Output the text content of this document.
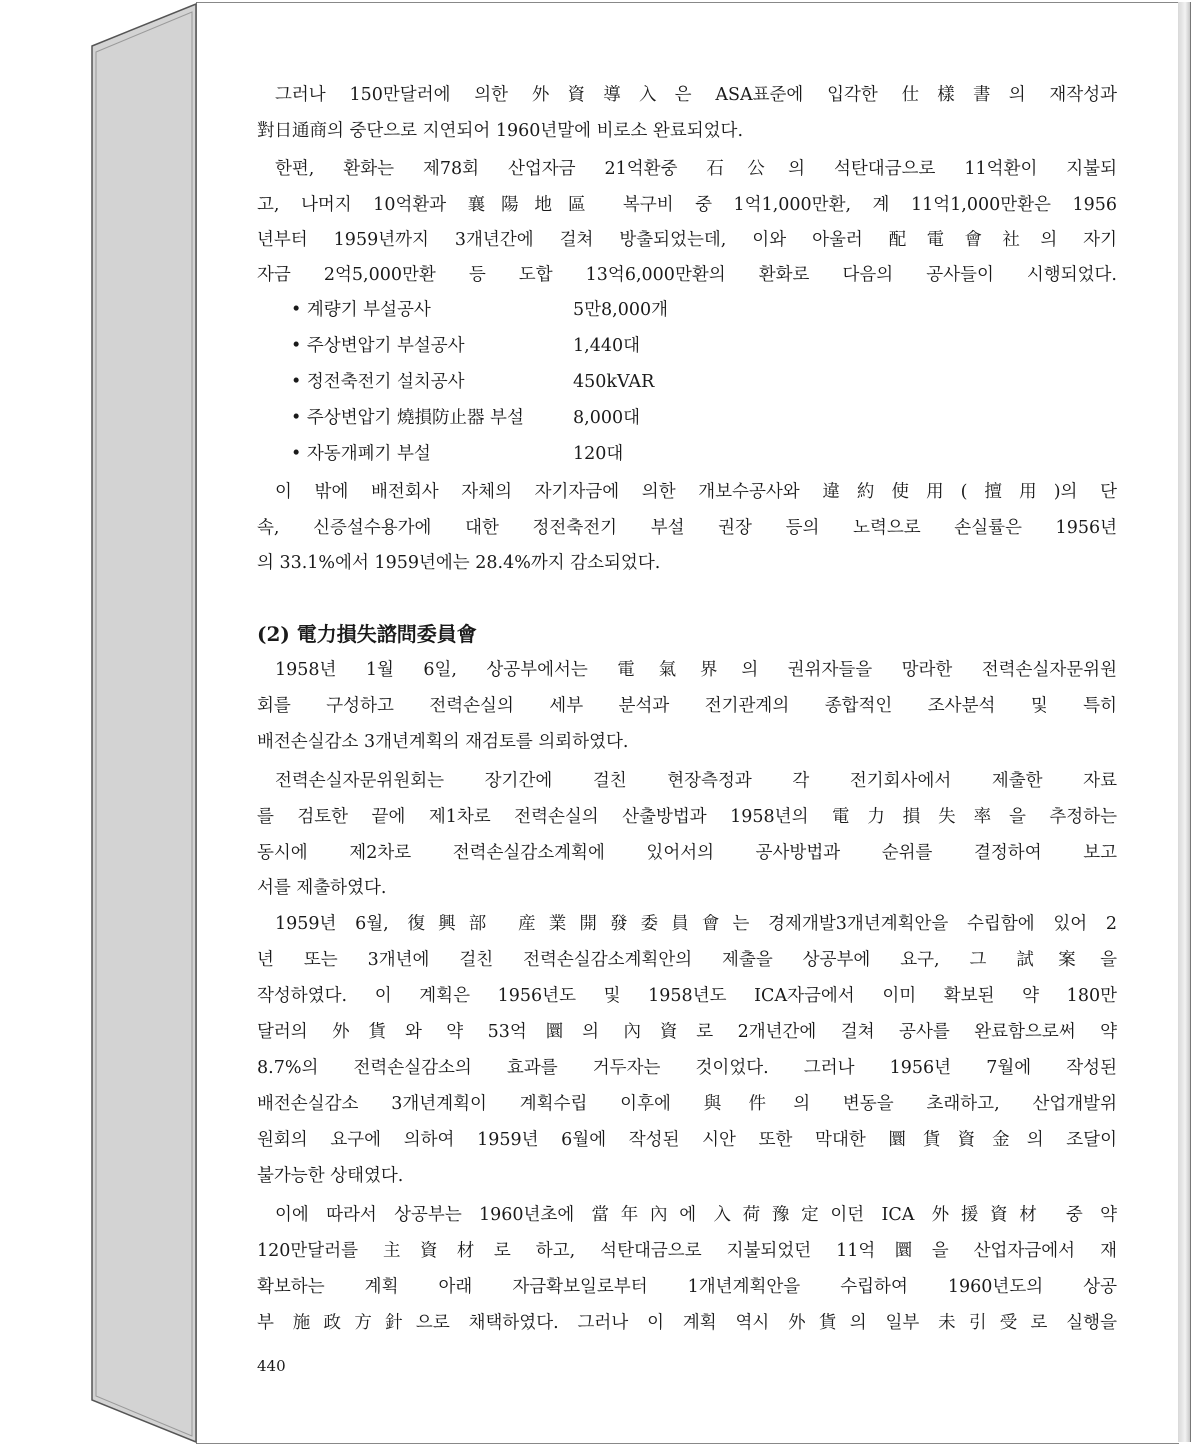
그러나 150만달러에 의한 外資導入은 ASA표준에 입각한 仕樣書의 재작성과
對日通商의 중단으로 지연되어 1960년말에 비로소 완료되었다.
한편, 환화는 제78회 산업자금 21억환중 石公의 석탄대금으로 11억환이 지불되
고, 나머지 10억환과 襄陽地區 복구비 중 1억1,000만환, 계 11억1,000만환은 1956
년부터 1959년까지 3개년간에 걸쳐 방출되었는데, 이와 아울러 配電會社의 자기
자금 2억5,000만환 등 도합 13억6,000만환의 환화로 다음의 공사들이 시행되었다.
• 계량기 부설공사	5만8,000개
• 주상변압기 부설공사	1,440대
• 정전축전기 설치공사	450kVAR
• 주상변압기 燒損防止器 부설	8,000대
• 자동개폐기 부설	120대
이 밖에 배전회사 자체의 자기자금에 의한 개보수공사와 違約使用(擅用)의 단
속, 신증설수용가에 대한 정전축전기 부설 권장 등의 노력으로 손실률은 1956년
의 33.1%에서 1959년에는 28.4%까지 감소되었다.
(2) 電力損失諮問委員會
1958년 1월 6일, 상공부에서는 電氣界의 권위자들을 망라한 전력손실자문위원
회를 구성하고 전력손실의 세부 분석과 전기관계의 종합적인 조사분석 및 특히
배전손실감소 3개년계획의 재검토를 의뢰하였다.
전력손실자문위원회는 장기간에 걸친 현장측정과 각 전기회사에서 제출한 자료
를 검토한 끝에 제1차로 전력손실의 산출방법과 1958년의 電力損失率을 추정하는
동시에 제2차로 전력손실감소계획에 있어서의 공사방법과 순위를 결정하여 보고
서를 제출하였다.
1959년 6월, 復興部 産業開發委員會는 경제개발3개년계획안을 수립함에 있어 2
년 또는 3개년에 걸친 전력손실감소계획안의 제출을 상공부에 요구, 그 試案을
작성하였다. 이 계획은 1956년도 및 1958년도 ICA자금에서 이미 확보된 약 180만
달러의 外貨와 약 53억圜의 內資로 2개년간에 걸쳐 공사를 완료함으로써 약
8.7%의 전력손실감소의 효과를 거두자는 것이었다. 그러나 1956년 7월에 작성된
배전손실감소 3개년계획이 계획수립 이후에 與件의 변동을 초래하고, 산업개발위
원회의 요구에 의하여 1959년 6월에 작성된 시안 또한 막대한 圜貨資金의 조달이
불가능한 상태였다.
이에 따라서 상공부는 1960년초에 當年內에 入荷豫定이던 ICA 外援資材 중 약
120만달러를 主資材로 하고, 석탄대금으로 지불되었던 11억圜을 산업자금에서 재
확보하는 계획 아래 자금확보일로부터 1개년계획안을 수립하여 1960년도의 상공
부 施政方針으로 채택하였다. 그러나 이 계획 역시 外貨의 일부 未引受로 실행을
440
